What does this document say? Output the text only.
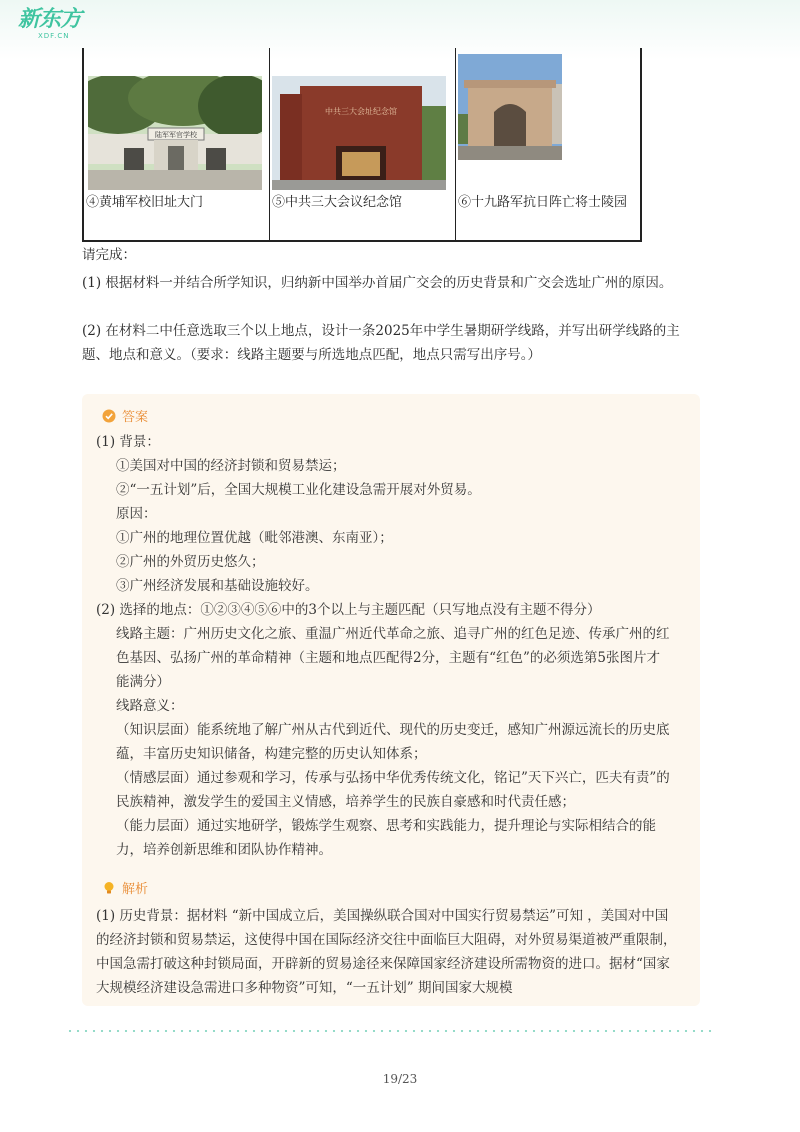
新东方
XDF.CN
陆军军官学校
④黄埔军校旧址大门
中共三大会址纪念馆
⑤中共三大会议纪念馆	⑥十九路军抗日阵亡将士陵园
请完成：
(1) 根据材料一并结合所学知识，归纳新中国举办首届广交会的历史背景和广交会选址广州的原因。
(2) 在材料二中任意选取三个以上地点，设计一条2025年中学生暑期研学线路，并写出研学线路的主题、地点和意义。（要求：线路主题要与所选地点匹配，地点只需写出序号。）
答案
(1) 背景：
①美国对中国的经济封锁和贸易禁运；
②“一五计划”后，全国大规模工业化建设急需开展对外贸易。
原因：
①广州的地理位置优越（毗邻港澳、东南亚）；
②广州的外贸历史悠久；
③广州经济发展和基础设施较好。
(2) 选择的地点：①②③④⑤⑥中的3个以上与主题匹配（只写地点没有主题不得分）
线路主题：广州历史文化之旅、重温广州近代革命之旅、追寻广州的红色足迹、传承广州的红色基因、弘扬广州的革命精神（主题和地点匹配得2分，主题有“红色”的必须选第5张图片才能满分）
线路意义：
（知识层面）能系统地了解广州从古代到近代、现代的历史变迁，感知广州源远流长的历史底蕴，丰富历史知识储备，构建完整的历史认知体系；
（情感层面）通过参观和学习，传承与弘扬中华优秀传统文化，铭记”天下兴亡，匹夫有责”的民族精神，激发学生的爱国主义情感，培养学生的民族自豪感和时代责任感；
（能力层面）通过实地研学，锻炼学生观察、思考和实践能力，提升理论与实际相结合的能力，培养创新思维和团队协作精神。
解析
(1) 历史背景：据材料 “新中国成立后，美国操纵联合国对中国实行贸易禁运”可知 ，美国对中国的经济封锁和贸易禁运，这使得中国在国际经济交往中面临巨大阻碍，对外贸易渠道被严重限制，中国急需打破这种封锁局面，开辟新的贸易途径来保障国家经济建设所需物资的进口。据材“国家大规模经济建设急需进口多种物资”可知，“一五计划” 期间国家大规模
19/23
